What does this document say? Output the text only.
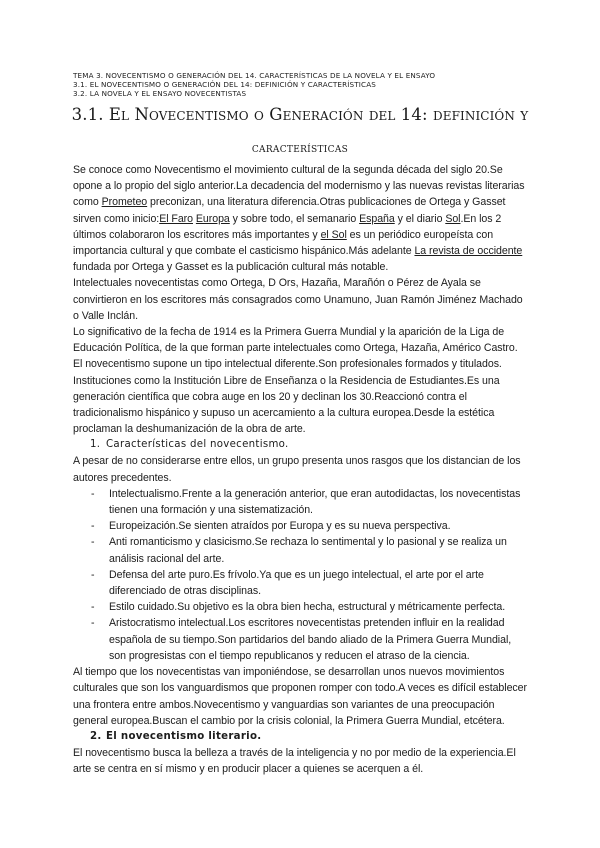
TEMA 3. NOVECENTISMO O GENERACIÓN DEL 14. CARACTERÍSTICAS DE LA NOVELA Y EL ENSAYO
3.1. EL NOVECENTISMO O GENERACIÓN DEL 14: DEFINICIÓN Y CARACTERÍSTICAS
3.2. LA NOVELA Y EL ENSAYO NOVECENTISTAS
3.1. El Novecentismo o Generación del 14: definición y
características

Se conoce como Novecentismo el movimiento cultural de la segunda década del siglo 20.Se opone a lo propio del siglo anterior.La decadencia del modernismo y las nuevas revistas literarias como Prometeo preconizan, una literatura diferencia.Otras publicaciones de Ortega y Gasset sirven como inicio:El Faro Europa y sobre todo, el semanario España y el diario Sol.En los 2 últimos colaboraron los escritores más importantes y el Sol es un periódico europeísta con importancia cultural y que combate el casticismo hispánico.Más adelante La revista de occidente fundada por Ortega y Gasset es la publicación cultural más notable.

Intelectuales novecentistas como Ortega, D Ors, Hazaña, Marañón o Pérez de Ayala se convirtieron en los escritores más consagrados como Unamuno, Juan Ramón Jiménez Machado o Valle Inclán.

Lo significativo de la fecha de 1914 es la Primera Guerra Mundial y la aparición de la Liga de Educación Política, de la que forman parte intelectuales como Ortega, Hazaña, Américo Castro. El novecentismo supone un tipo intelectual diferente.Son profesionales formados y titulados. Instituciones como la Institución Libre de Enseñanza o la Residencia de Estudiantes.Es una generación científica que cobra auge en los 20 y declinan los 30.Reaccionó contra el tradicionalismo hispánico y supuso un acercamiento a la cultura europea.Desde la estética proclaman la deshumanización de la obra de arte.

1. Características del novecentismo.

A pesar de no considerarse entre ellos, un grupo presenta unos rasgos que los distancian de los autores precedentes.

- Intelectualismo.Frente a la generación anterior, que eran autodidactas, los novecentistas tienen una formación y una sistematización.
- Europeización.Se sienten atraídos por Europa y es su nueva perspectiva.
- Anti romanticismo y clasicismo.Se rechaza lo sentimental y lo pasional y se realiza un análisis racional del arte.
- Defensa del arte puro.Es frívolo.Ya que es un juego intelectual, el arte por el arte diferenciado de otras disciplinas.
- Estilo cuidado.Su objetivo es la obra bien hecha, estructural y métricamente perfecta.
- Aristocratismo intelectual.Los escritores novecentistas pretenden influir en la realidad española de su tiempo.Son partidarios del bando aliado de la Primera Guerra Mundial, son progresistas con el tiempo republicanos y reducen el atraso de la ciencia.

Al tiempo que los novecentistas van imponiéndose, se desarrollan unos nuevos movimientos culturales que son los vanguardismos que proponen romper con todo.A veces es difícil establecer una frontera entre ambos.Novecentismo y vanguardias son variantes de una preocupación general europea.Buscan el cambio por la crisis colonial, la Primera Guerra Mundial, etcétera.

2. El novecentismo literario.

El novecentismo busca la belleza a través de la inteligencia y no por medio de la experiencia.El arte se centra en sí mismo y en producir placer a quienes se acerquen a él.
